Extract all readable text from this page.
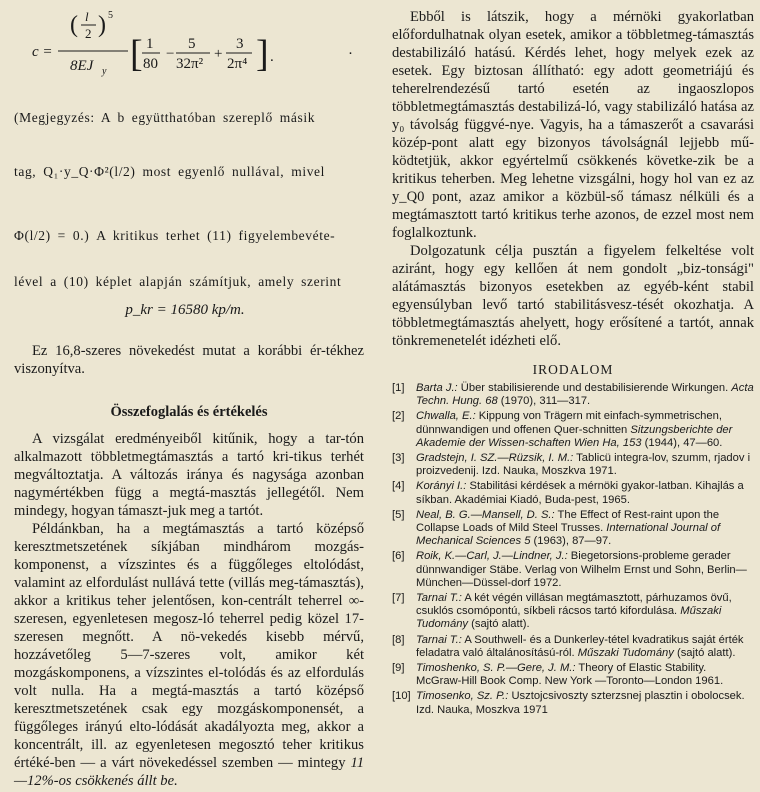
c =
( l
2 ) 5
8EJ y [ 1
80
−
5
32π²
+
3
2π⁴ ] .	·
(Megjegyzés: A b együtthatóban szereplő másik
tag, Q₁·y_Q·Φ²(l/2) most egyenlő nullával, mivel
Φ(l/2) = 0.) A kritikus terhet (11) figyelembevéte-
lével a (10) képlet alapján számítjuk, amely szerint
p_kr = 16580 kp/m.

Ez 16,8-szeres növekedést mutat a korábbi ér-tékhez viszonyítva.

Összefoglalás és értékelés

A vizsgálat eredményeiből kitűnik, hogy a tar-tón alkalmazott többletmegtámasztás a tartó kri-tikus terhét megváltoztatja. A változás iránya és nagysága azonban nagymértékben függ a megtá-masztás jellegétől. Nem mindegy, hogyan támaszt-juk meg a tartót.

Példánkban, ha a megtámasztás a tartó középső keresztmetszetének síkjában mindhárom mozgás-komponenst, a vízszintes és a függőleges eltolódást, valamint az elfordulást nullává tette (villás meg-támasztás), akkor a kritikus teher jelentősen, kon-centrált teherrel ∞-szeresen, egyenletesen megosz-ló teherrel pedig közel 17-szeresen megnőtt. A nö-vekedés kisebb mérvű, hozzávetőleg 5—7-szeres volt, amikor két mozgáskomponens, a vízszintes el-tolódás és az elfordulás volt nulla. Ha a megtá-masztás a tartó középső keresztmetszetének csak egy mozgáskomponensét, a függőleges irányú elto-lódását akadályozta meg, akkor a koncentrált, ill. az egyenletesen megosztó teher kritikus értéké-ben — a várt növekedéssel szemben — mintegy 11—12%-os csökkenés állt be.

Ebből is látszik, hogy a mérnöki gyakorlatban előfordulhatnak olyan esetek, amikor a többletmeg-támasztás destabilizáló hatású. Kérdés lehet, hogy melyek ezek az esetek. Egy biztosan állítható: egy adott geometriájú és teherelrendezésű tartó esetén az ingaoszlopos többletmegtámasztás destabilizá-ló, vagy stabilizáló hatása az y₀ távolság függvé-nye. Vagyis, ha a támaszerőt a csavarási közép-pont alatt egy bizonyos távolságnál lejjebb mű-ködtetjük, akkor egyértelmű csökkenés követke-zik be a kritikus teherben. Meg lehetne vizsgálni, hogy hol van ez az y_Q0 pont, azaz amikor a közbül-ső támasz nélküli és a megtámasztott tartó kritikus terhe azonos, de ezzel most nem foglalkoztunk.

Dolgozatunk célja pusztán a figyelem felkeltése volt aziránt, hogy egy kellően át nem gondolt „biz-tonsági" alátámasztás bizonyos esetekben az egyéb-ként stabil egyensúlyban levő tartó stabilitásvesz-tését okozhatja. A többletmegtámasztás ahelyett, hogy erősítené a tartót, annak tönkremenetelét idézheti elő.

IRODALOM

[1]	Barta J.: Über stabilisierende und destabilisierende Wirkungen. Acta Techn. Hung. 68 (1970), 311—317.
[2]	Chwalla, E.: Kippung von Trägern mit einfach-symmetrischen, dünnwandigen und offenen Quer-schnitten Sitzungsberichte der Akademie der Wissen-schaften Wien Ha, 153 (1944), 47—60.
[3]	Gradstejn, I. SZ.—Rüzsik, I. M.: Tablicü integra-lov, szumm, rjadov i proizvedenij. Izd. Nauka, Moszkva 1971.
[4]	Korányi I.: Stabilitási kérdések a mérnöki gyakor-latban. Kihajlás a síkban. Akadémiai Kiadó, Buda-pest, 1965.
[5]	Neal, B. G.—Mansell, D. S.: The Effect of Rest-raint upon the Collapse Loads of Mild Steel Trusses. International Journal of Mechanical Sciences 5 (1963), 87—97.
[6]	Roik, K.—Carl, J.—Lindner, J.: Biegetorsions-probleme gerader dünnwandiger Stäbe. Verlag von Wilhelm Ernst und Sohn, Berlin—München—Düssel-dorf 1972.
[7]	Tarnai T.: A két végén villásan megtámasztott, párhuzamos övű, csuklós csomópontú, síkbeli rácsos tartó kifordulása. Műszaki Tudomány (sajtó alatt).
[8]	Tarnai T.: A Southwell- és a Dunkerley-tétel kvadratikus saját érték feladatra való általánosítású-ról. Műszaki Tudomány (sajtó alatt).
[9]	Timoshenko, S. P.—Gere, J. M.: Theory of Elastic Stability. McGraw-Hill Book Comp. New York —Toronto—London 1961.
[10] Timosenko, Sz. P.: Usztojcsivoszty szterzsnej plasztin i obolocsek. Izd. Nauka, Moszkva 1971
